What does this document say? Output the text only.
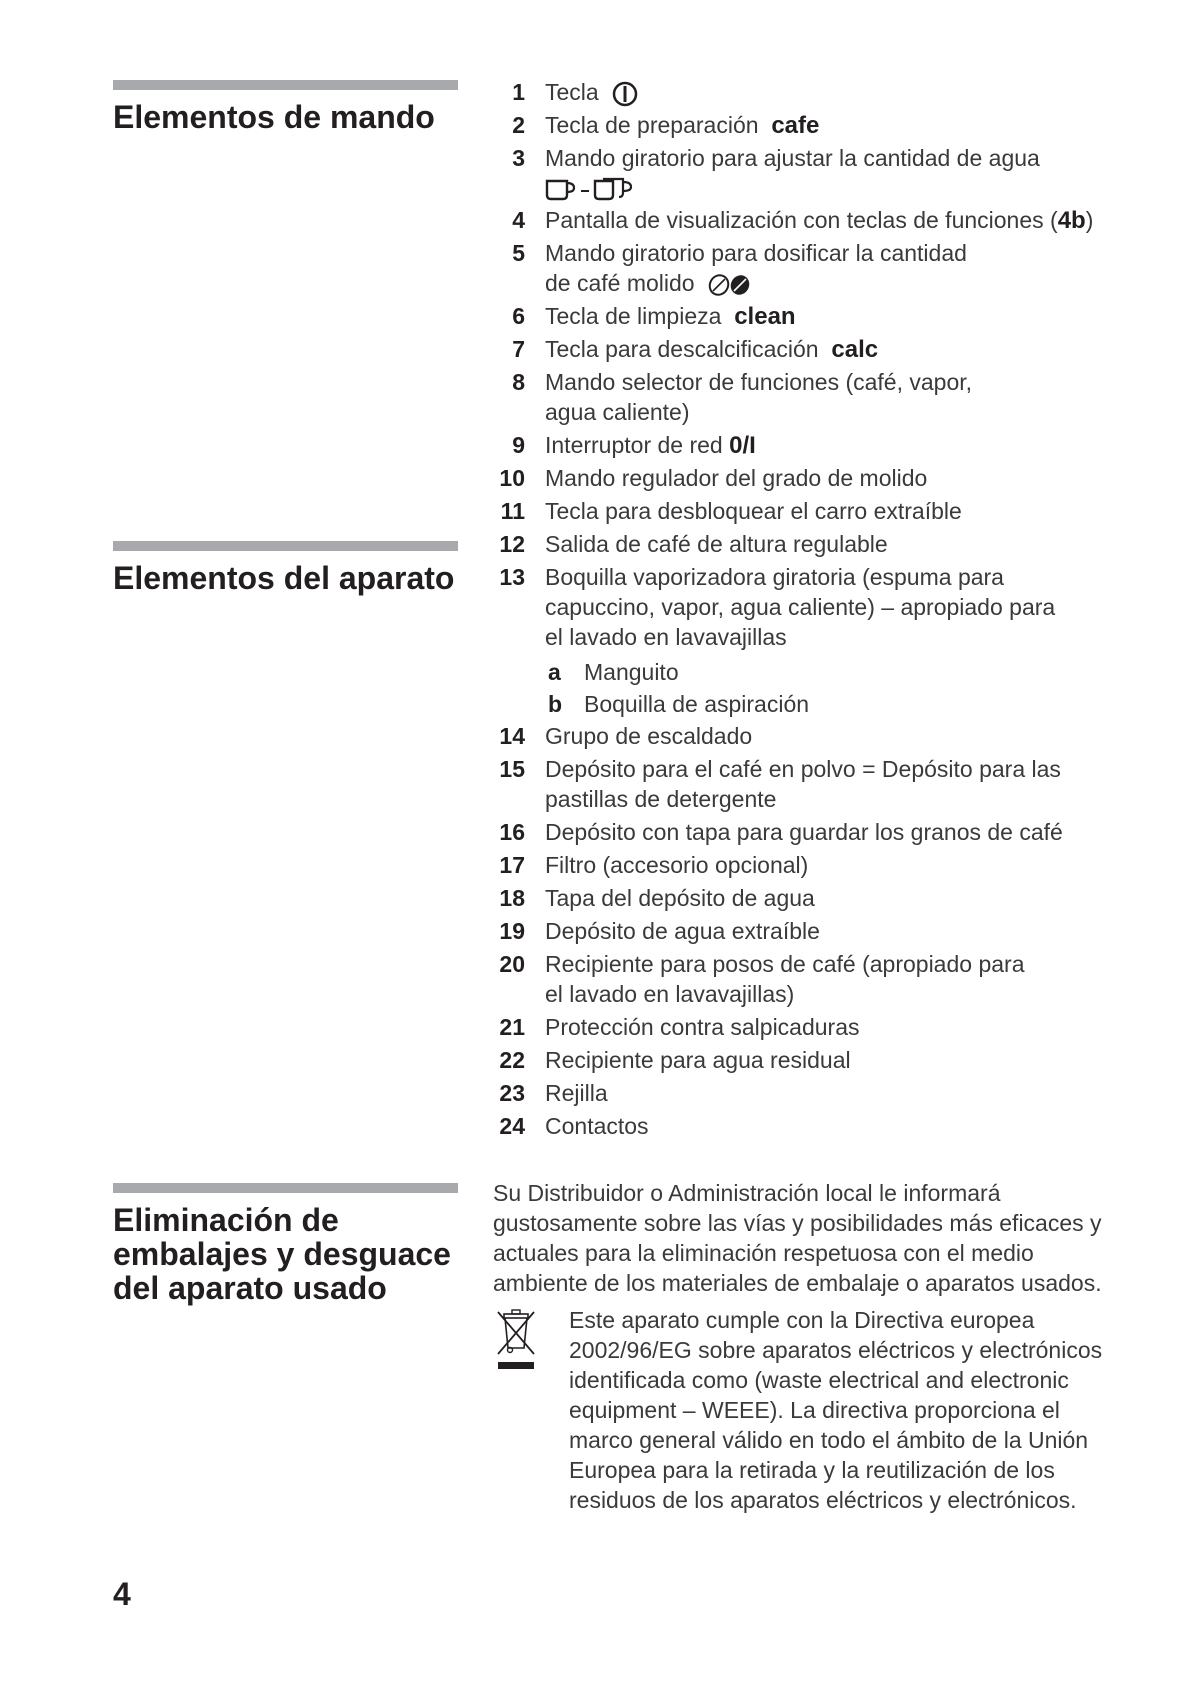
Elementos de mando
Elementos del aparato
Eliminación de
embalajes y desguace
del aparato usado
1 Tecla
2 Tecla de preparación cafe
3 Mando giratorio para ajustar la cantidad de agua

4 Pantalla de visualización con teclas de funciones (4b)
5 Mando giratorio para dosificar la cantidad
de café molido
6 Tecla de limpieza clean
7 Tecla para descalcificación calc
8 Mando selector de funciones (café, vapor,
agua caliente)
9 Interruptor de red 0/I
10 Mando regulador del grado de molido
11 Tecla para desbloquear el carro extraíble
12 Salida de café de altura regulable
13 Boquilla vaporizadora giratoria (espuma para
capuccino, vapor, agua caliente) – apropiado para
el lavado en lavavajillas
a Manguito
b Boquilla de aspiración
14 Grupo de escaldado
15 Depósito para el café en polvo = Depósito para las
pastillas de detergente
16 Depósito con tapa para guardar los granos de café
17 Filtro (accesorio opcional)
18 Tapa del depósito de agua
19 Depósito de agua extraíble
20 Recipiente para posos de café (apropiado para
el lavado en lavavajillas)
21 Protección contra salpicaduras
22 Recipiente para agua residual
23 Rejilla
24 Contactos

Su Distribuidor o Administración local le informará gustosamente sobre las vías y posibilidades más eficaces y actuales para la eliminación respetuosa con el medio ambiente de los materiales de embalaje o aparatos usados.

Este aparato cumple con la Directiva europea 2002/96/EG sobre aparatos eléctricos y electrónicos identificada como (waste electrical and electronic equipment – WEEE). La directiva proporciona el marco general válido en todo el ámbito de la Unión Europea para la retirada y la reutilización de los residuos de los aparatos eléctricos y electrónicos.

4
